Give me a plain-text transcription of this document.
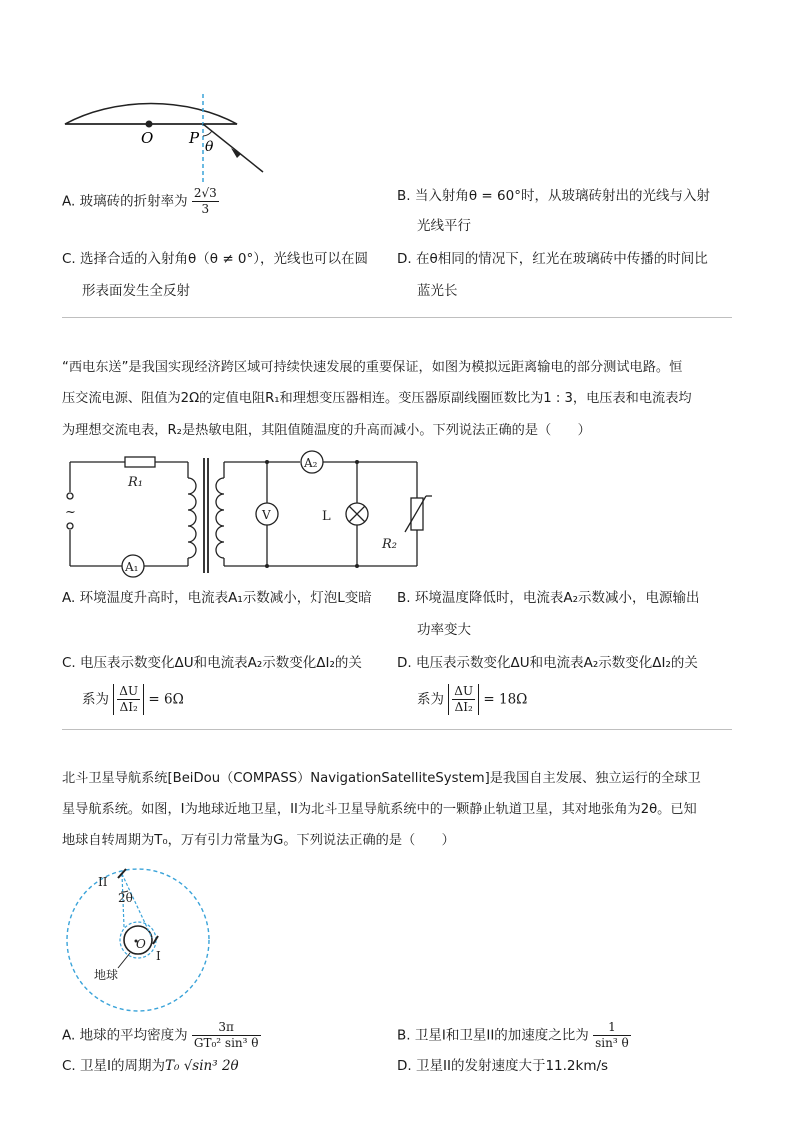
O P θ
A. 玻璃砖的折射率为 $\frac{2√3}{3}$	B. 当入射角θ = 60°时，从玻璃砖射出的光线与入射
光线平行
C. 选择合适的入射角θ（θ ≠ 0°），光线也可以在圆
形表面发生全反射
D. 在θ相同的情况下，红光在玻璃砖中传播的时间比
蓝光长
“西电东送”是我国实现经济跨区域可持续快速发展的重要保证，如图为模拟远距离输电的部分测试电路。恒
压交流电源、阻值为2Ω的定值电阻R₁和理想变压器相连。变压器原副线圈匝数比为1 : 3，电压表和电流表均
为理想交流电表，R₂是热敏电阻，其阻值随温度的升高而减小。下列说法正确的是（　　）
R₁
A₁
A₂
V	L
R₂
~
A. 环境温度升高时，电流表A₁示数减小，灯泡L变暗 B. 环境温度降低时，电流表A₂示数减小，电源输出
功率变大
C. 电压表示数变化ΔU和电流表A₂示数变化ΔI₂的关
系为 $\frac{\Delta U}{\text{ΔI₂}} = 6\Omega$
D. 电压表示数变化ΔU和电流表A₂示数变化ΔI₂的关
系为 $\frac{\Delta U}{\text{ΔI₂}} = 18\Omega$
北斗卫星导航系统[BeiDou（COMPASS）NavigationSatelliteSystem]是我国自主发展、独立运行的全球卫
星导航系统。如图，I为地球近地卫星，II为北斗卫星导航系统中的一颗静止轨道卫星，其对地张角为2θ。已知
地球自转周期为T₀，万有引力常量为G。下列说法正确的是（　　）
II
2θ
O
I
地球
A. 地球的平均密度为 $\frac{3\pi}{\text{GT₀² sin³ θ}}$	B. 卫星I和卫星II的加速度之比为 $\frac{1}{\text{sin³ θ}}$
C. 卫星I的周期为T₀ √sin³ 2θ	D. 卫星II的发射速度大于11.2km/s
